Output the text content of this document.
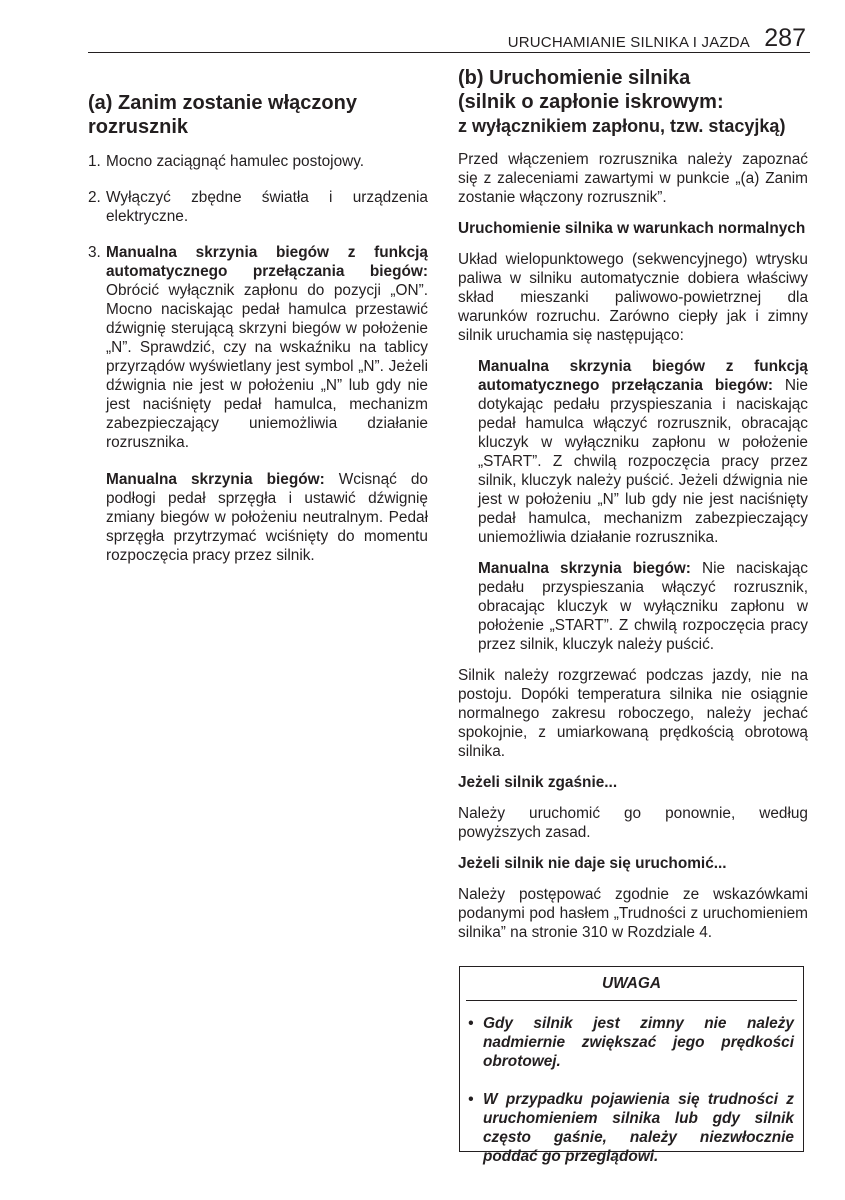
URUCHAMIANIE SILNIKA I JAZDA 287
(a) Zanim zostanie włączony rozrusznik
1. Mocno zaciągnąć hamulec postojowy.
2. Wyłączyć zbędne światła i urządzenia elektryczne.
3. Manualna skrzynia biegów z funkcją automatycznego przełączania biegów: Obrócić wyłącznik zapłonu do pozycji „ON”. Mocno naciskając pedał hamulca przestawić dźwignię sterującą skrzyni biegów w położenie „N”. Sprawdzić, czy na wskaźniku na tablicy przyrządów wyświetlany jest symbol „N”. Jeżeli dźwignia nie jest w położeniu „N” lub gdy nie jest naciśnięty pedał hamulca, mechanizm zabezpieczający uniemożliwia działanie rozrusznika.

Manualna skrzynia biegów: Wcisnąć do podłogi pedał sprzęgła i ustawić dźwignię zmiany biegów w położeniu neutralnym. Pedał sprzęgła przytrzymać wciśnięty do momentu rozpoczęcia pracy przez silnik.

(b) Uruchomienie silnika
(silnik o zapłonie iskrowym:
z wyłącznikiem zapłonu, tzw. stacyjką)

Przed włączeniem rozrusznika należy zapoznać się z zaleceniami zawartymi w punkcie „(a) Zanim zostanie włączony rozrusznik”.

Uruchomienie silnika w warunkach normalnych

Układ wielopunktowego (sekwencyjnego) wtrysku paliwa w silniku automatycznie dobiera właściwy skład mieszanki paliwowo-powietrznej dla warunków rozruchu. Zarówno ciepły jak i zimny silnik uruchamia się następująco:

Manualna skrzynia biegów z funkcją automatycznego przełączania biegów: Nie dotykając pedału przyspieszania i naciskając pedał hamulca włączyć rozrusznik, obracając kluczyk w wyłączniku zapłonu w położenie „START”. Z chwilą rozpoczęcia pracy przez silnik, kluczyk należy puścić. Jeżeli dźwignia nie jest w położeniu „N” lub gdy nie jest naciśnięty pedał hamulca, mechanizm zabezpieczający uniemożliwia działanie rozrusznika.

Manualna skrzynia biegów: Nie naciskając pedału przyspieszania włączyć rozrusznik, obracając kluczyk w wyłączniku zapłonu w położenie „START”. Z chwilą rozpoczęcia pracy przez silnik, kluczyk należy puścić.

Silnik należy rozgrzewać podczas jazdy, nie na postoju. Dopóki temperatura silnika nie osiągnie normalnego zakresu roboczego, należy jechać spokojnie, z umiarkowaną prędkością obrotową silnika.

Jeżeli silnik zgaśnie...

Należy uruchomić go ponownie, według powyższych zasad.

Jeżeli silnik nie daje się uruchomić...

Należy postępować zgodnie ze wskazówkami podanymi pod hasłem „Trudności z uruchomieniem silnika” na stronie 310 w Rozdziale 4.

UWAGA
• Gdy silnik jest zimny nie należy nadmiernie zwiększać jego prędkości obrotowej.
• W przypadku pojawienia się trudności z uruchomieniem silnika lub gdy silnik często gaśnie, należy niezwłocznie poddać go przeglądowi.
